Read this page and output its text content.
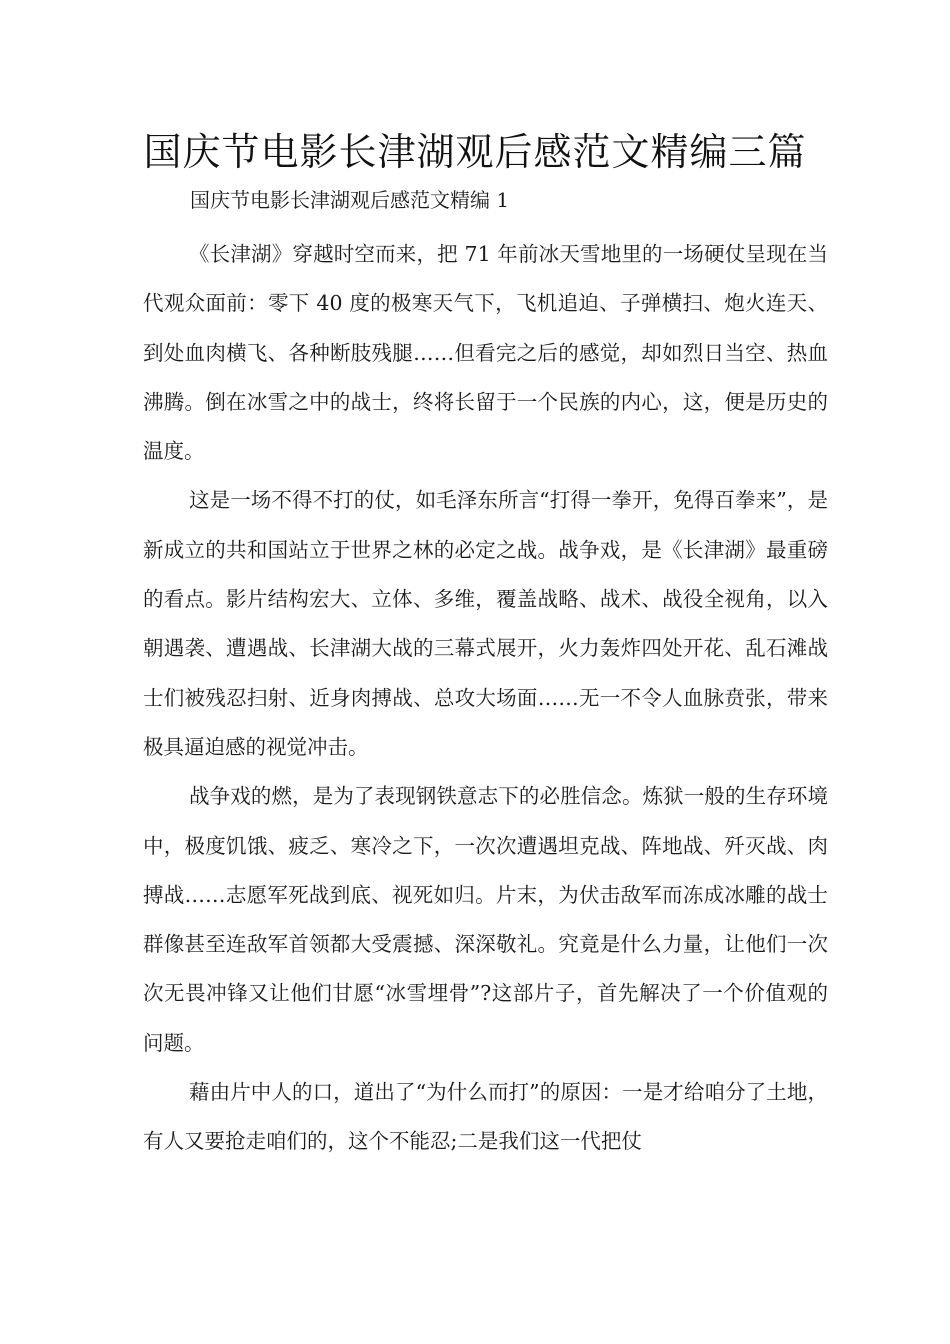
国庆节电影长津湖观后感范文精编三篇
国庆节电影长津湖观后感范文精编 1

《长津湖》穿越时空而来，把 71 年前冰天雪地里的一场硬仗呈现在当代观众面前：零下 40 度的极寒天气下，飞机追迫、子弹横扫、炮火连天、到处血肉横飞、各种断肢残腿……但看完之后的感觉，却如烈日当空、热血沸腾。倒在冰雪之中的战士，终将长留于一个民族的内心，这，便是历史的温度。

这是一场不得不打的仗，如毛泽东所言“打得一拳开，免得百拳来”，是新成立的共和国站立于世界之林的必定之战。战争戏，是《长津湖》最重磅的看点。影片结构宏大、立体、多维，覆盖战略、战术、战役全视角，以入朝遇袭、遭遇战、长津湖大战的三幕式展开，火力轰炸四处开花、乱石滩战士们被残忍扫射、近身肉搏战、总攻大场面……无一不令人血脉贲张，带来极具逼迫感的视觉冲击。

战争戏的燃，是为了表现钢铁意志下的必胜信念。炼狱一般的生存环境中，极度饥饿、疲乏、寒冷之下，一次次遭遇坦克战、阵地战、歼灭战、肉搏战……志愿军死战到底、视死如归。片末，为伏击敌军而冻成冰雕的战士群像甚至连敌军首领都大受震撼、深深敬礼。究竟是什么力量，让他们一次次无畏冲锋又让他们甘愿“冰雪埋骨”?这部片子，首先解决了一个价值观的问题。

藉由片中人的口，道出了“为什么而打”的原因：一是才给咱分了土地，有人又要抢走咱们的，这个不能忍;二是我们这一代把仗
